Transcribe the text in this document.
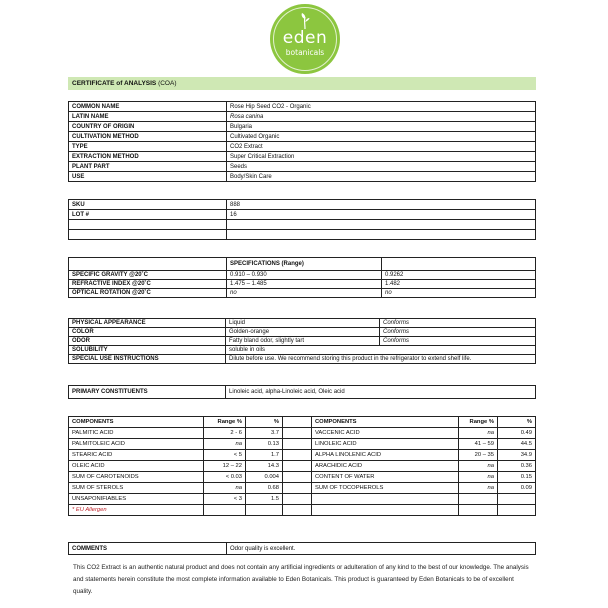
eden
botanicals
CERTIFICATE of ANALYSIS (COA)
COMMON NAME	Rose Hip Seed CO2 - Organic
LATIN NAME	Rosa canina
COUNTRY OF ORIGIN	Bulgaria
CULTIVATION METHOD	Cultivated Organic
TYPE	CO2 Extract
EXTRACTION METHOD	Super Critical Extraction
PLANT PART	Seeds
USE	Body/Skin Care
SKU	888
LOT #	16

	SPECIFICATIONS (Range)	
SPECIFIC GRAVITY @20˚C	0.910 – 0.930	0.9262
REFRACTIVE INDEX @20˚C	1.475 – 1.485	1.482
OPTICAL ROTATION @20˚C	no	no
PHYSICAL APPEARANCE	Liquid	Conforms
COLOR	Golden-orange	Conforms
ODOR	Fatty bland odor, slightly tart	Conforms
SOLUBILITY	soluble in oils	
SPECIAL USE INSTRUCTIONS	Dilute before use. We recommend storing this product in the refrigerator to extend shelf life.	
PRIMARY CONSTITUENTS	Linoleic acid, alpha-Linoleic acid, Oleic acid
COMPONENTS	Range %	%		COMPONENTS	Range %	%
PALMITIC ACID	2 - 6	3.7		VACCENIC ACID	na	0.49
PALMITOLEIC ACID	na	0.13		LINOLEIC ACID	41 – 59	44.5
STEARIC ACID	< 5	1.7		ALPHA LINOLENIC ACID	20 – 35	34.9
OLEIC ACID	12 – 22	14.3		ARACHIDIC ACID	na	0.36
SUM OF CAROTENOIDS	< 0.03	0.004		CONTENT OF WATER	na	0.15
SUM OF STEROLS	na	0.68		SUM OF TOCOPHEROLS	na	0.09
UNSAPONIFIABLES	< 3	1.5				
* EU Allergen						
COMMENTS	Odor quality is excellent.
This CO2 Extract is an authentic natural product and does not contain any artificial ingredients or adulteration of any kind to the best of our knowledge. The analysis and statements herein constitute the most complete information available to Eden Botanicals. This product is guaranteed by Eden Botanicals to be of excellent quality.
